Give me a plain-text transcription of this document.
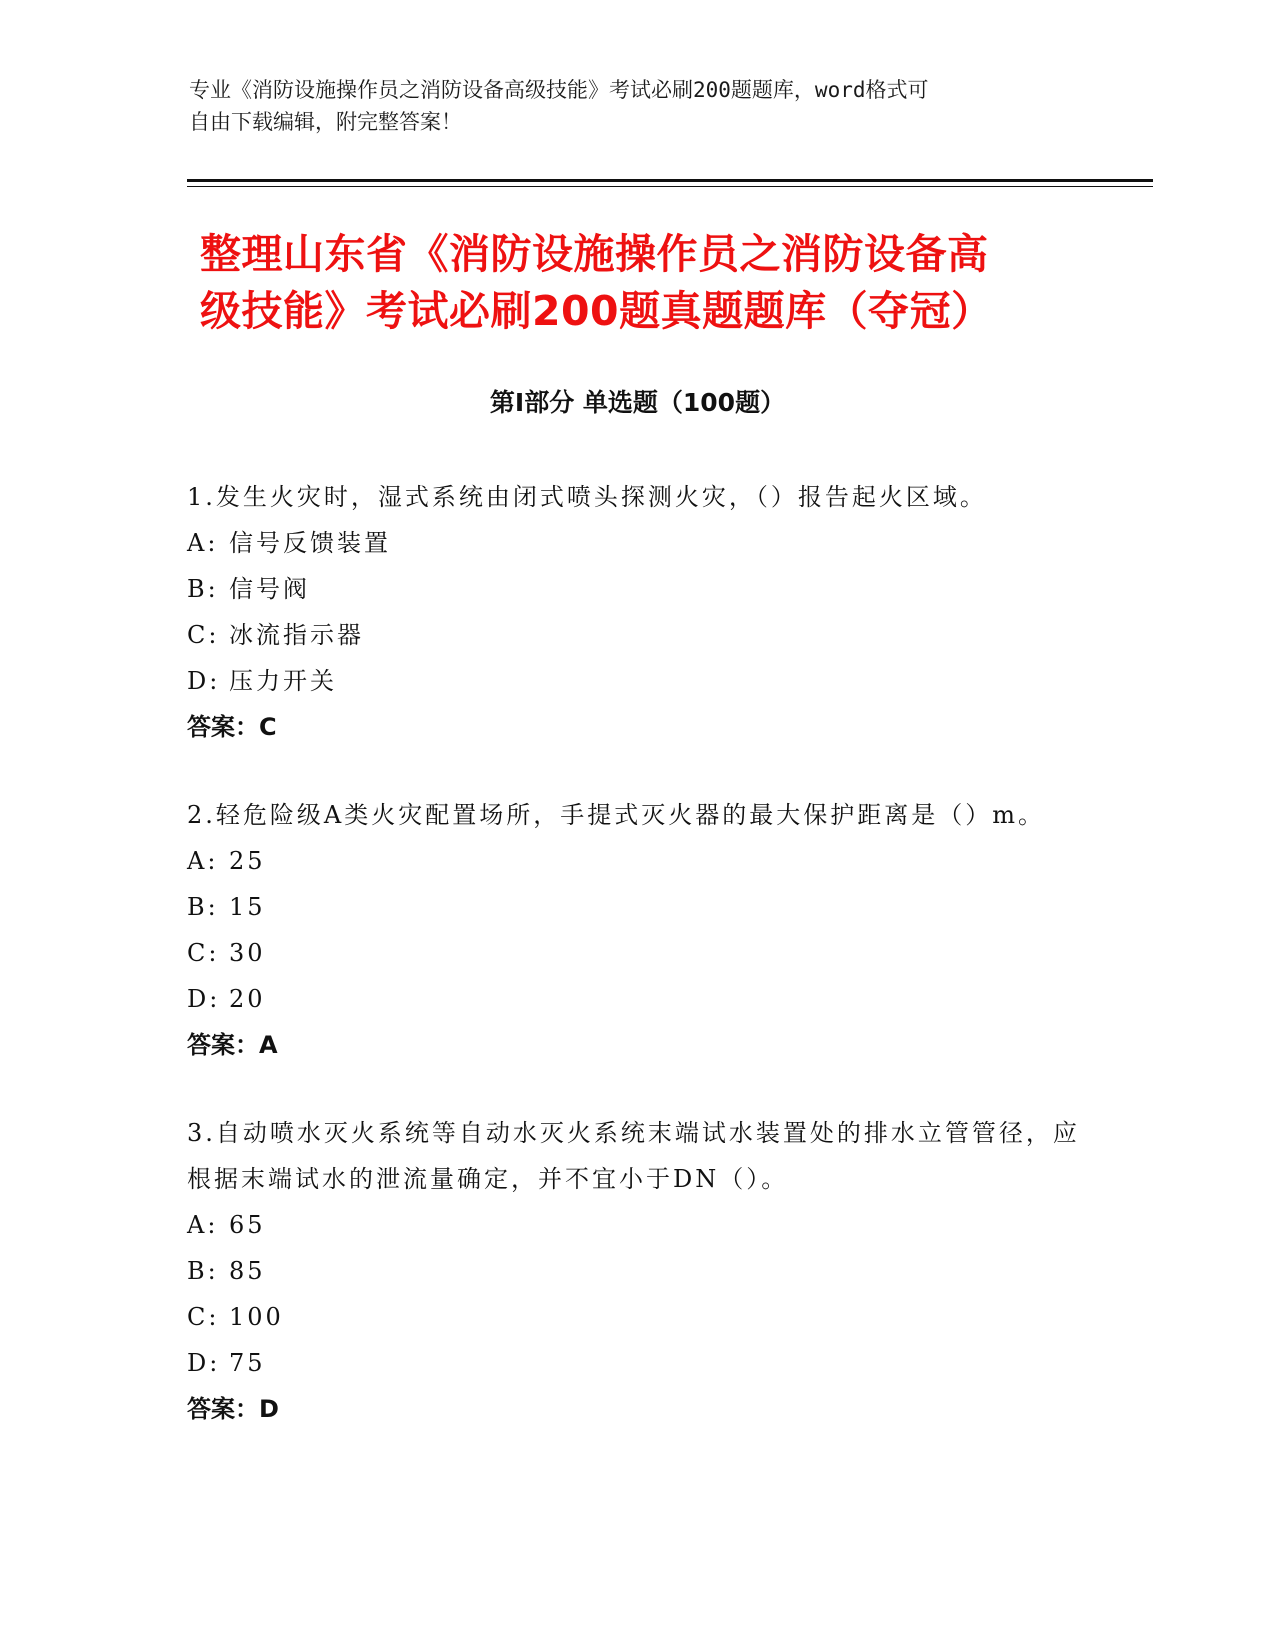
专业《消防设施操作员之消防设备高级技能》考试必刷200题题库，word格式可
自由下载编辑，附完整答案！
整理山东省《消防设施操作员之消防设备高
级技能》考试必刷200题真题题库（夺冠）
第Ⅰ部分 单选题（100题）
1.发生火灾时，湿式系统由闭式喷头探测火灾，（）报告起火区域。
A: 信号反馈装置
B: 信号阀
C: 冰流指示器
D: 压力开关
答案：C
2.轻危险级A类火灾配置场所，手提式灭火器的最大保护距离是（）m。
A: 25
B: 15
C: 30
D: 20
答案：A
3.自动喷水灭火系统等自动水灭火系统末端试水装置处的排水立管管径，应根据末端试水的泄流量确定，并不宜小于DN（）。
A: 65
B: 85
C: 100
D: 75
答案：D
